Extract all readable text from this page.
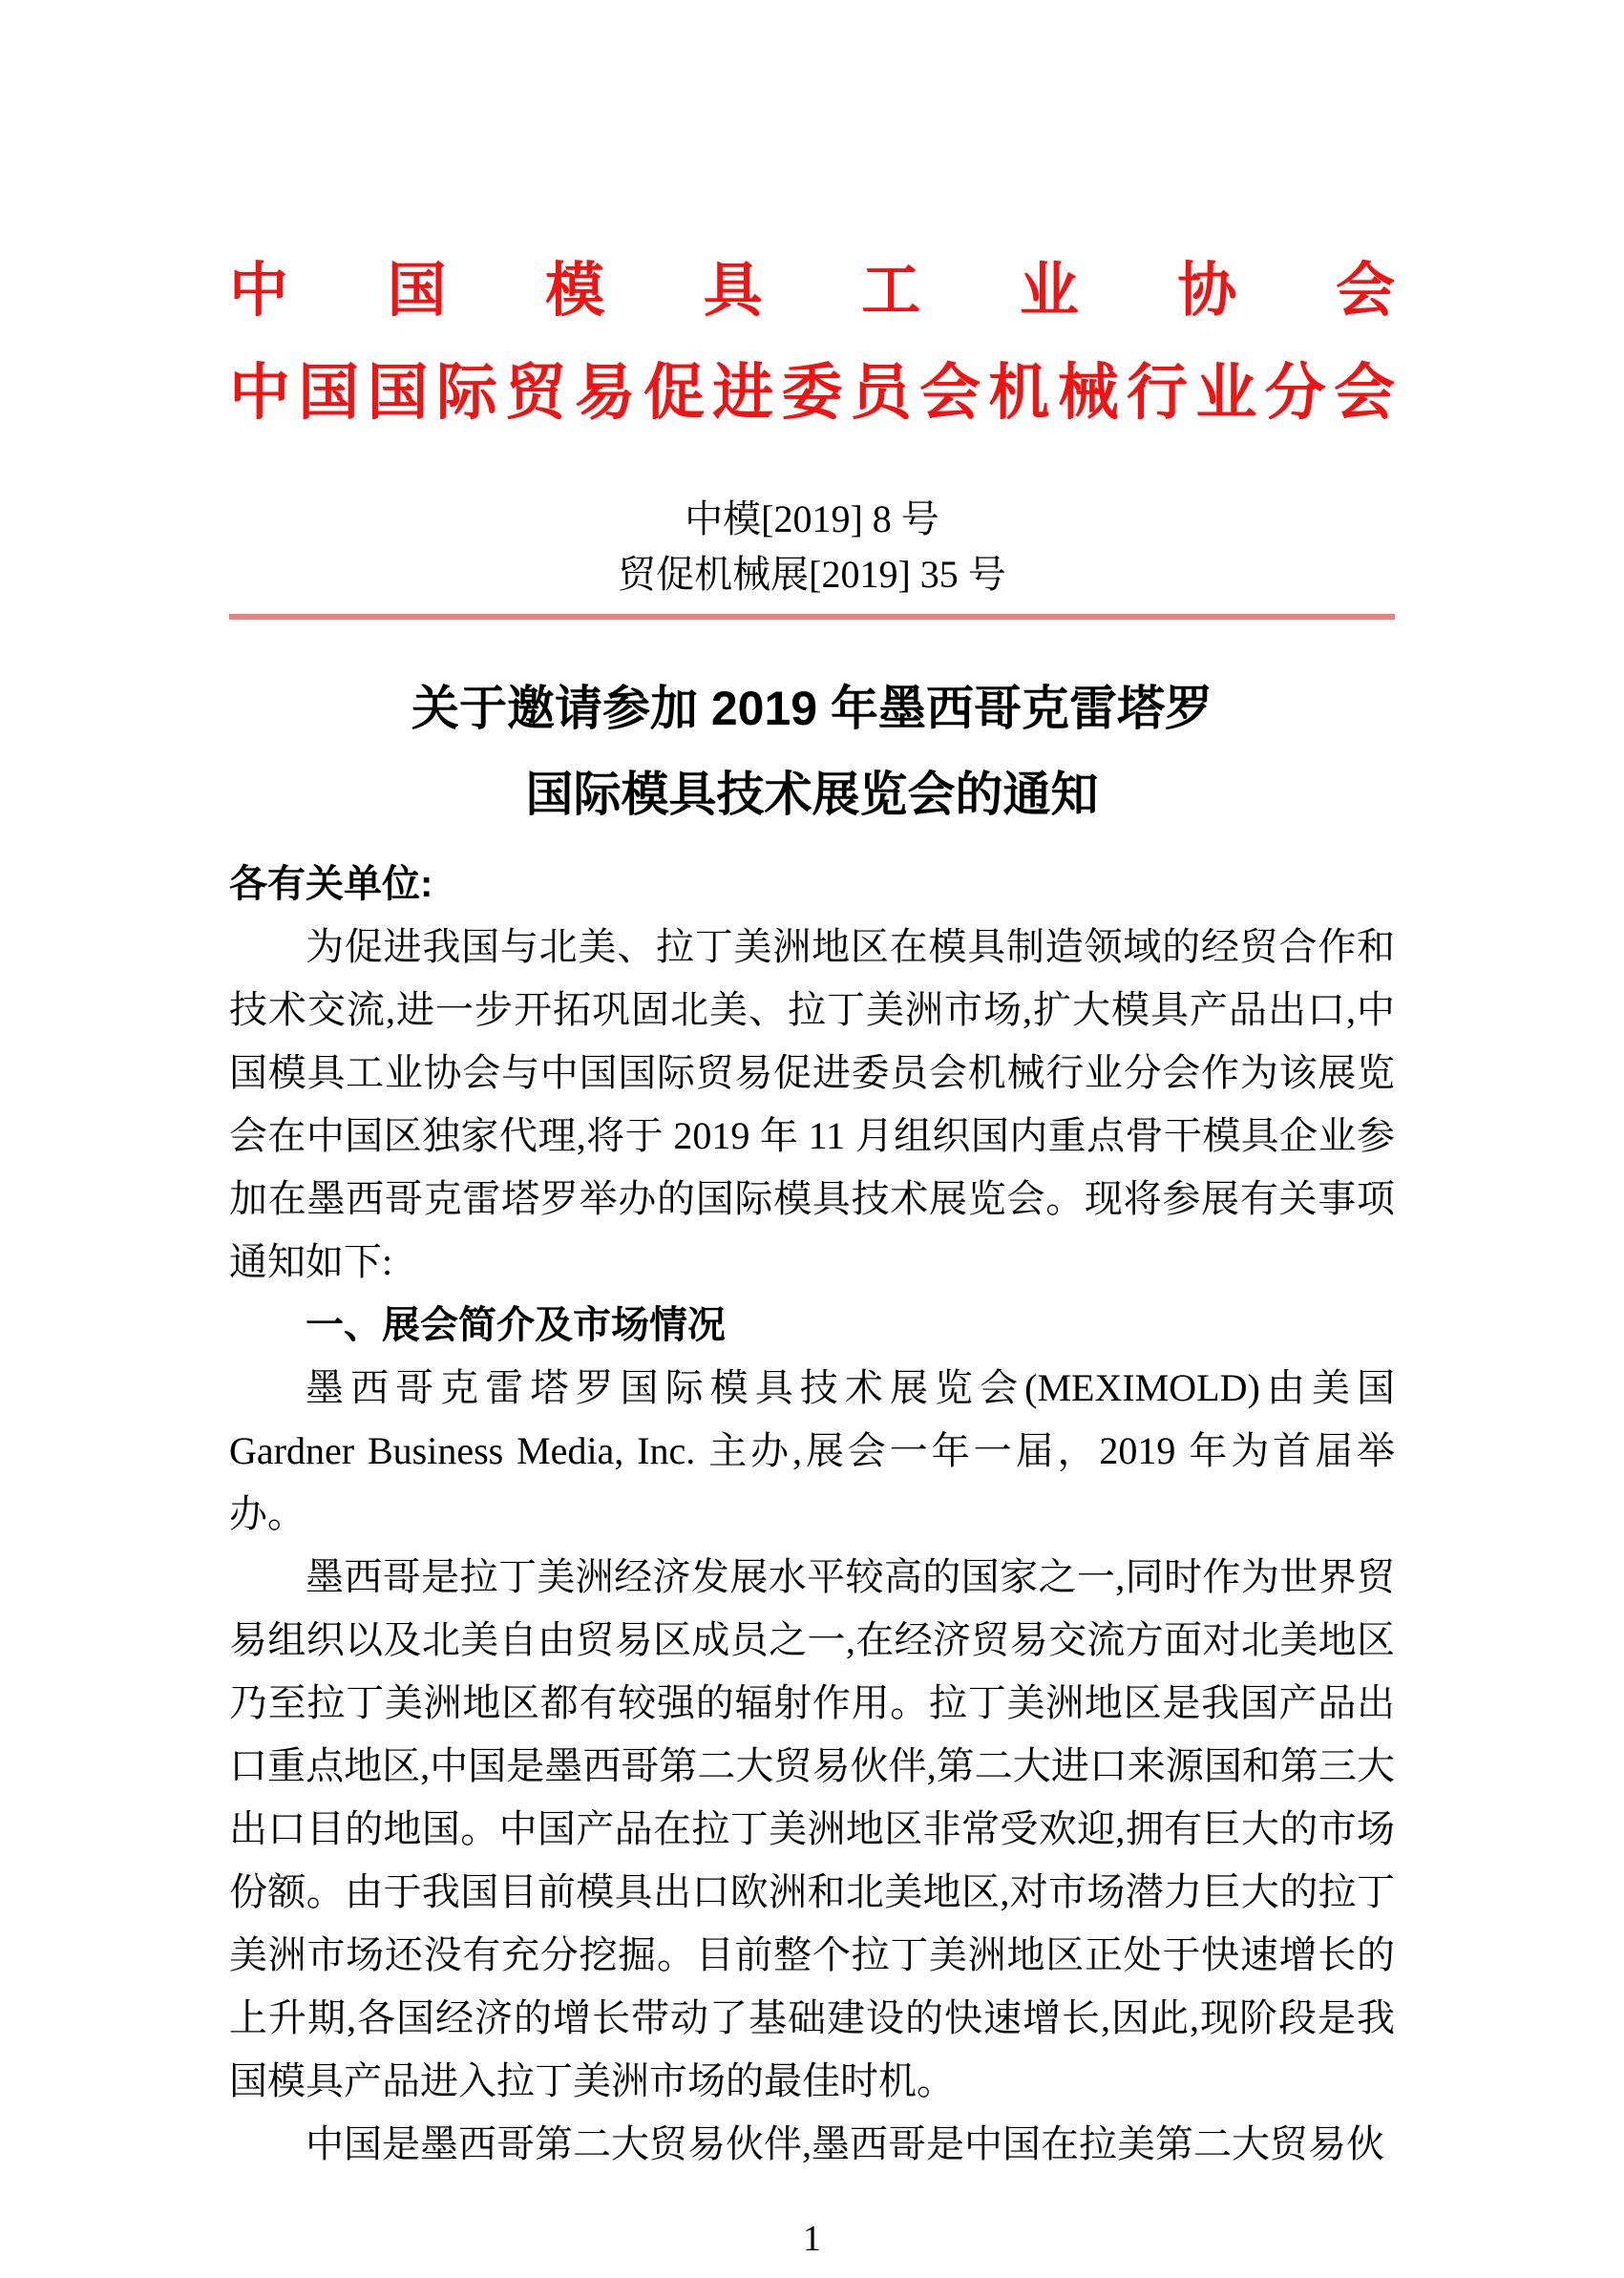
中国模具工业协会
中国国际贸易促进委员会机械行业分会
中模[2019] 8 号
贸促机械展[2019] 35 号
关于邀请参加 2019 年墨西哥克雷塔罗
国际模具技术展览会的通知

各有关单位:

为促进我国与北美、拉丁美洲地区在模具制造领域的经贸合作和技术交流,进一步开拓巩固北美、拉丁美洲市场,扩大模具产品出口,中国模具工业协会与中国国际贸易促进委员会机械行业分会作为该展览会在中国区独家代理,将于 2019 年 11 月组织国内重点骨干模具企业参加在墨西哥克雷塔罗举办的国际模具技术展览会。现将参展有关事项通知如下:

一、展会简介及市场情况

墨西哥克雷塔罗国际模具技术展览会(MEXIMOLD)由美国 Gardner Business Media, Inc. 主办,展会一年一届，2019 年为首届举办。

墨西哥是拉丁美洲经济发展水平较高的国家之一,同时作为世界贸易组织以及北美自由贸易区成员之一,在经济贸易交流方面对北美地区乃至拉丁美洲地区都有较强的辐射作用。拉丁美洲地区是我国产品出口重点地区,中国是墨西哥第二大贸易伙伴,第二大进口来源国和第三大出口目的地国。中国产品在拉丁美洲地区非常受欢迎,拥有巨大的市场份额。由于我国目前模具出口欧洲和北美地区,对市场潜力巨大的拉丁美洲市场还没有充分挖掘。目前整个拉丁美洲地区正处于快速增长的上升期,各国经济的增长带动了基础建设的快速增长,因此,现阶段是我国模具产品进入拉丁美洲市场的最佳时机。

中国是墨西哥第二大贸易伙伴,墨西哥是中国在拉美第二大贸易伙

1
